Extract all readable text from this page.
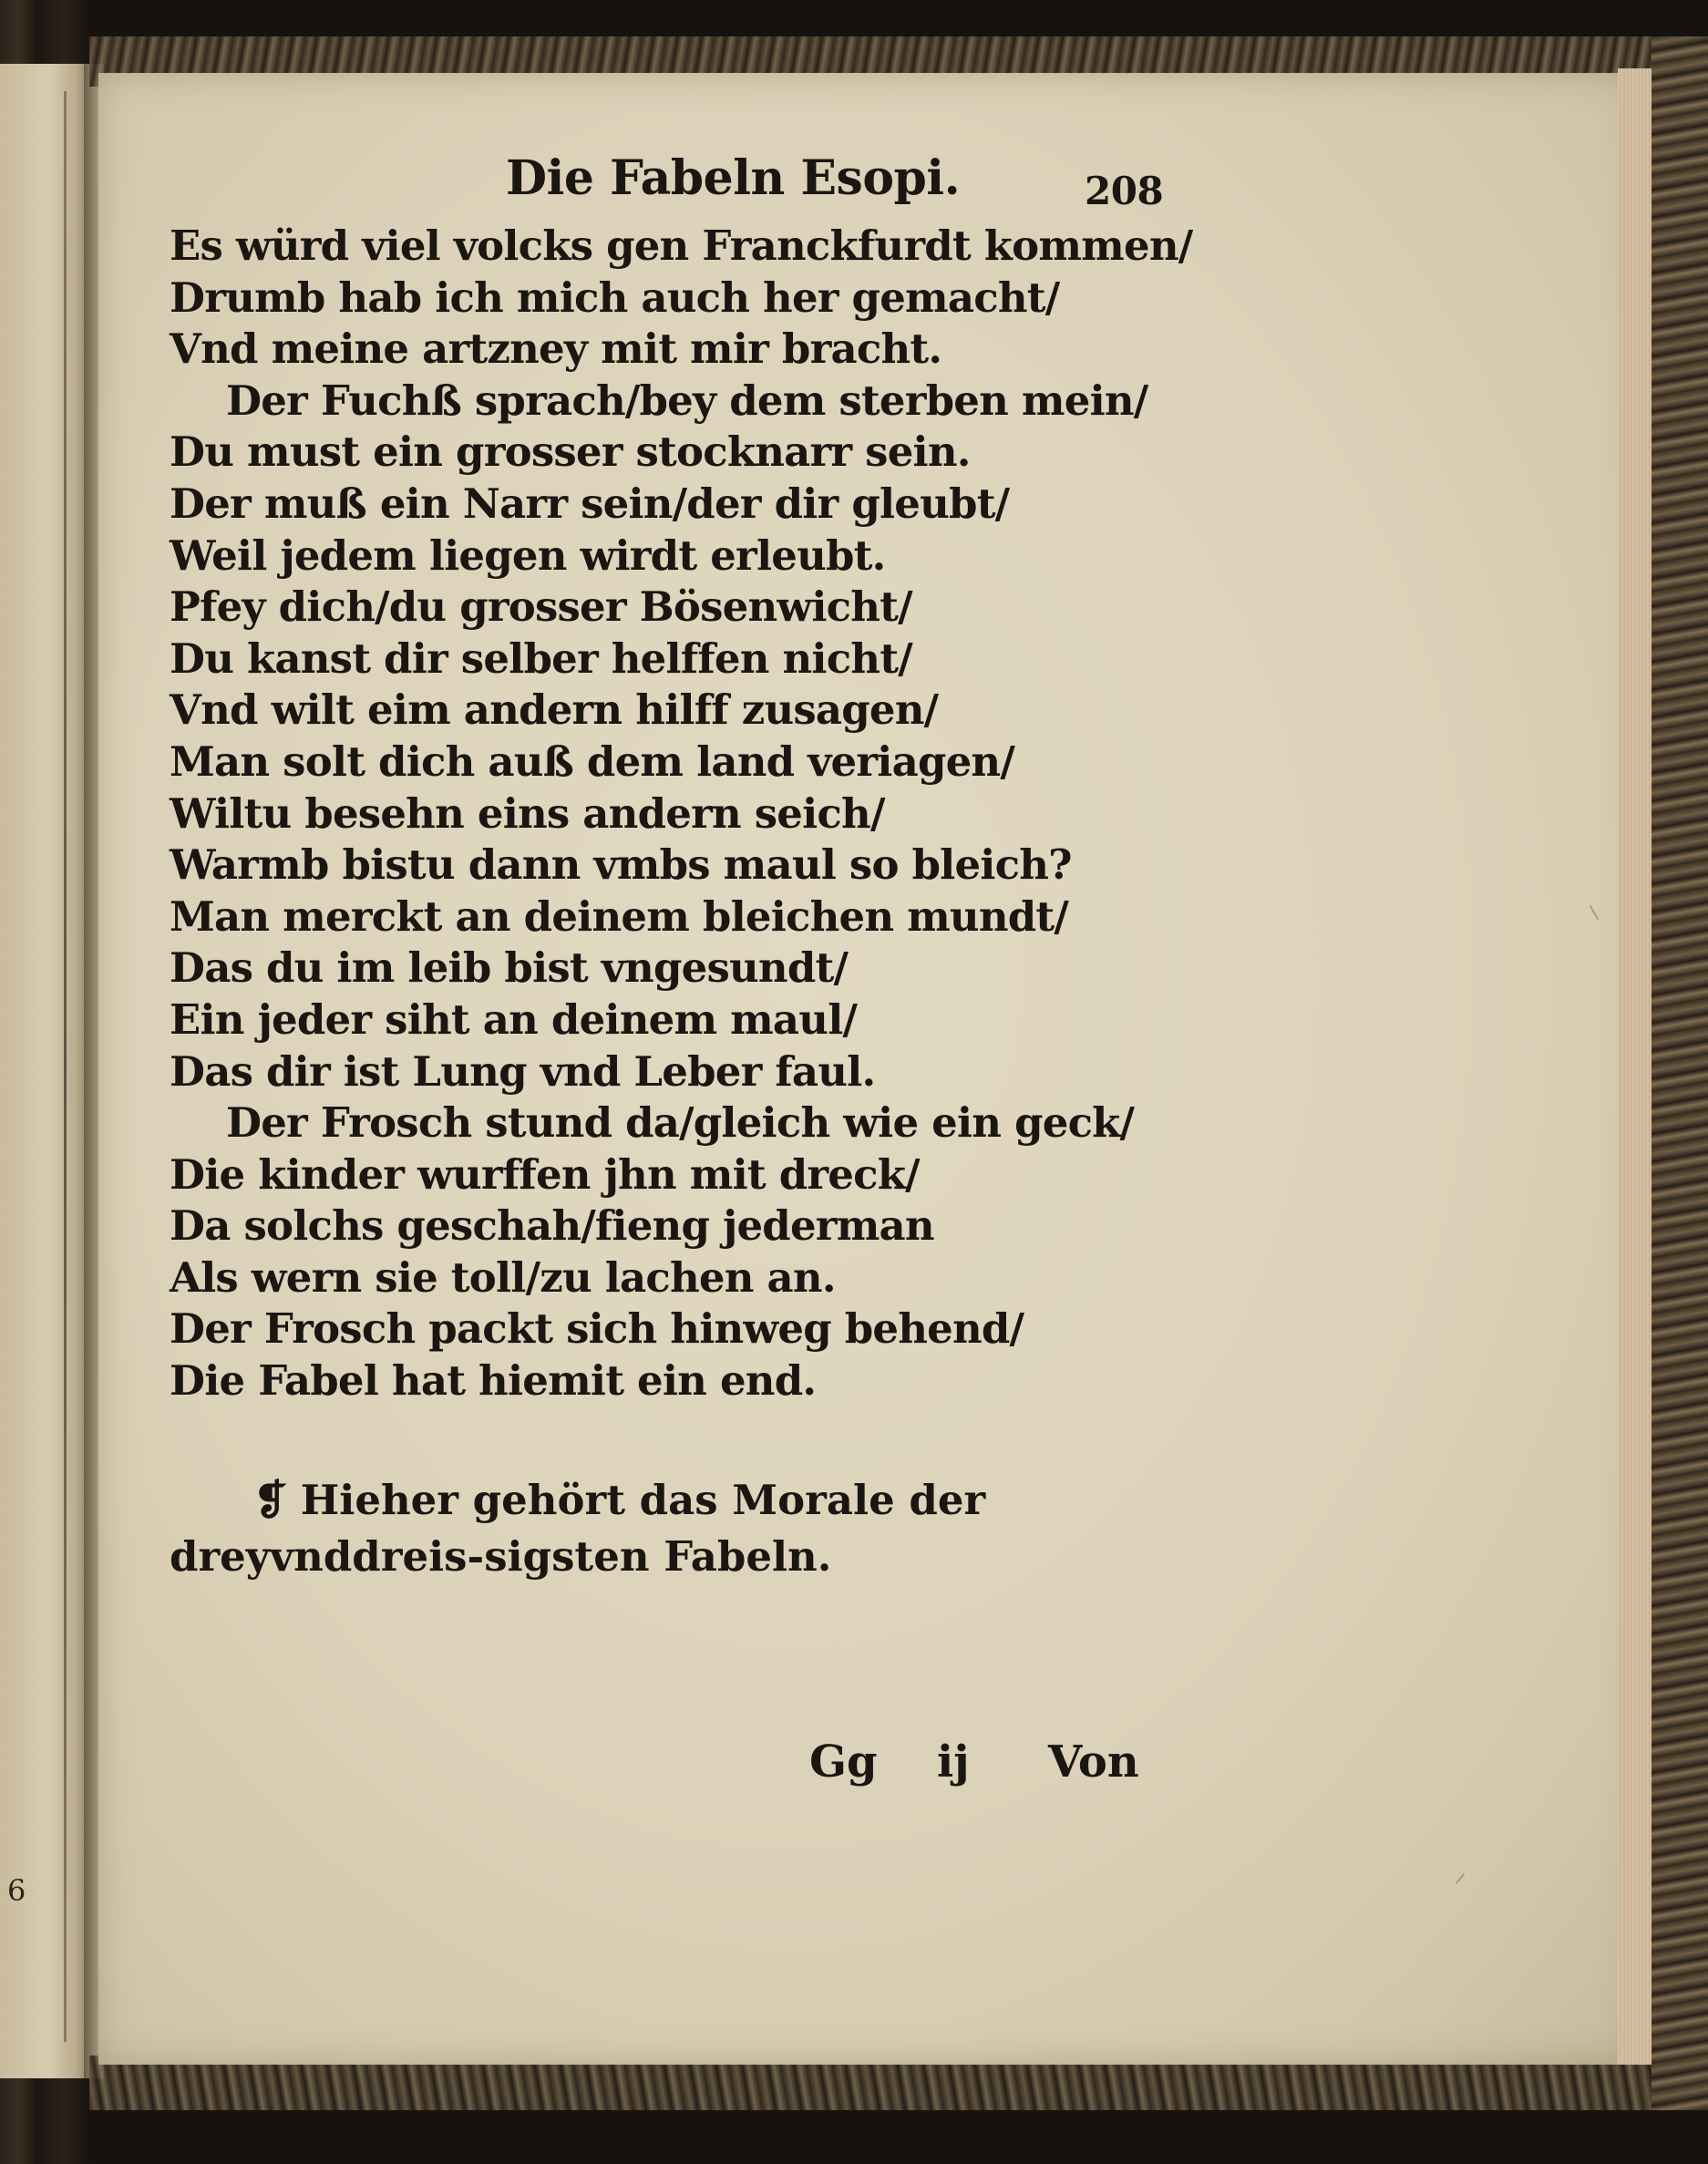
6
Die Fabeln Esopi.	208
Es würd viel volcks gen Franckfurdt kommen/
Drumb hab ich mich auch her gemacht/
Vnd meine artzney mit mir bracht.
Der Fuchß sprach/bey dem sterben mein/
Du must ein grosser stocknarr sein.
Der muß ein Narr sein/der dir gleubt/
Weil jedem liegen wirdt erleubt.
Pfey dich/du grosser Bösenwicht/
Du kanst dir selber helffen nicht/
Vnd wilt eim andern hilff zusagen/
Man solt dich auß dem land veriagen/
Wiltu besehn eins andern seich/
Warmb bistu dann vmbs maul so bleich?
Man merckt an deinem bleichen mundt/
Das du im leib bist vngesundt/
Ein jeder siht an deinem maul/
Das dir ist Lung vnd Leber faul.
Der Frosch stund da/gleich wie ein geck/
Die kinder wurffen jhn mit dreck/
Da solchs geschah/fieng jederman
Als wern sie toll/zu lachen an.
Der Frosch packt sich hinweg behend/
Die Fabel hat hiemit ein end.
❡ Hieher gehört das Morale der dreyvnddreis-sigsten Fabeln.
Gg ij Von
